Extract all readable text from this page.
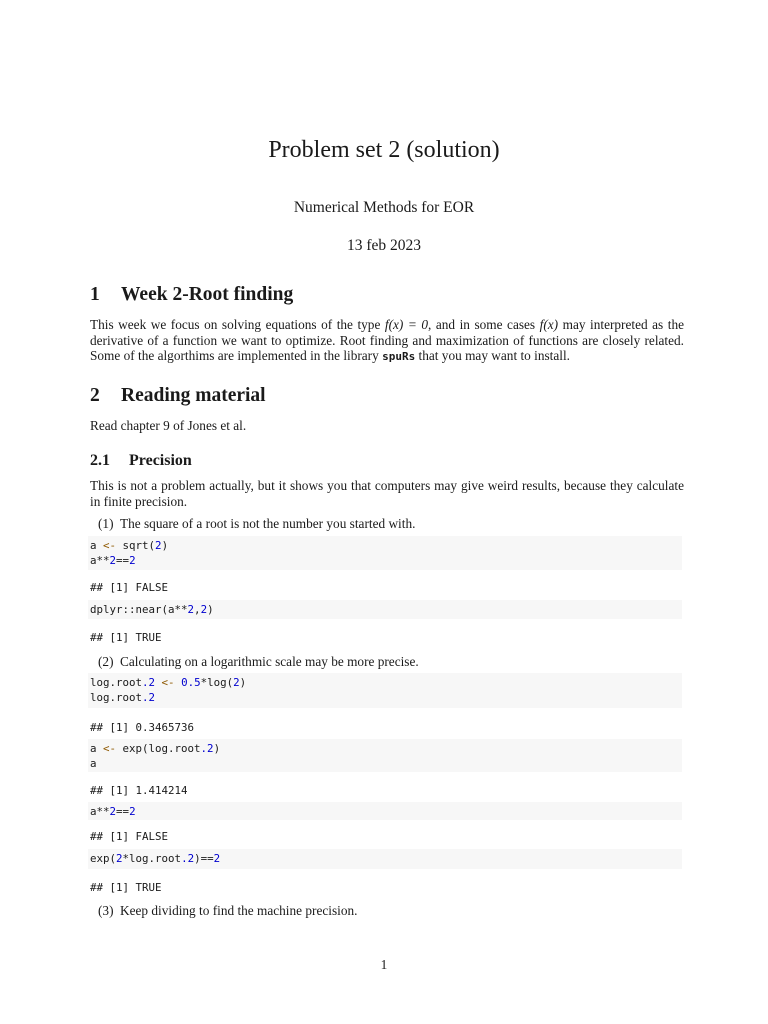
Problem set 2 (solution)
Numerical Methods for EOR
13 feb 2023
1 Week 2-Root finding

This week we focus on solving equations of the type f(x) = 0, and in some cases f(x) may interpreted as the derivative of a function we want to optimize. Root finding and maximization of functions are closely related. Some of the algorthims are implemented in the library spuRs that you may want to install.

2 Reading material

Read chapter 9 of Jones et al.

2.1 Precision

This is not a problem actually, but it shows you that computers may give weird results, because they calculate in finite precision.

(1) The square of a root is not the number you started with.
a <- sqrt(2)
a**2==2
## [1] FALSE
dplyr::near(a**2,2)
## [1] TRUE
(2) Calculating on a logarithmic scale may be more precise.
log.root.2 <- 0.5*log(2)
log.root.2
## [1] 0.3465736
a <- exp(log.root.2)
a
## [1] 1.414214
a**2==2
## [1] FALSE
exp(2*log.root.2)==2
## [1] TRUE
(3) Keep dividing to find the machine precision.
1
